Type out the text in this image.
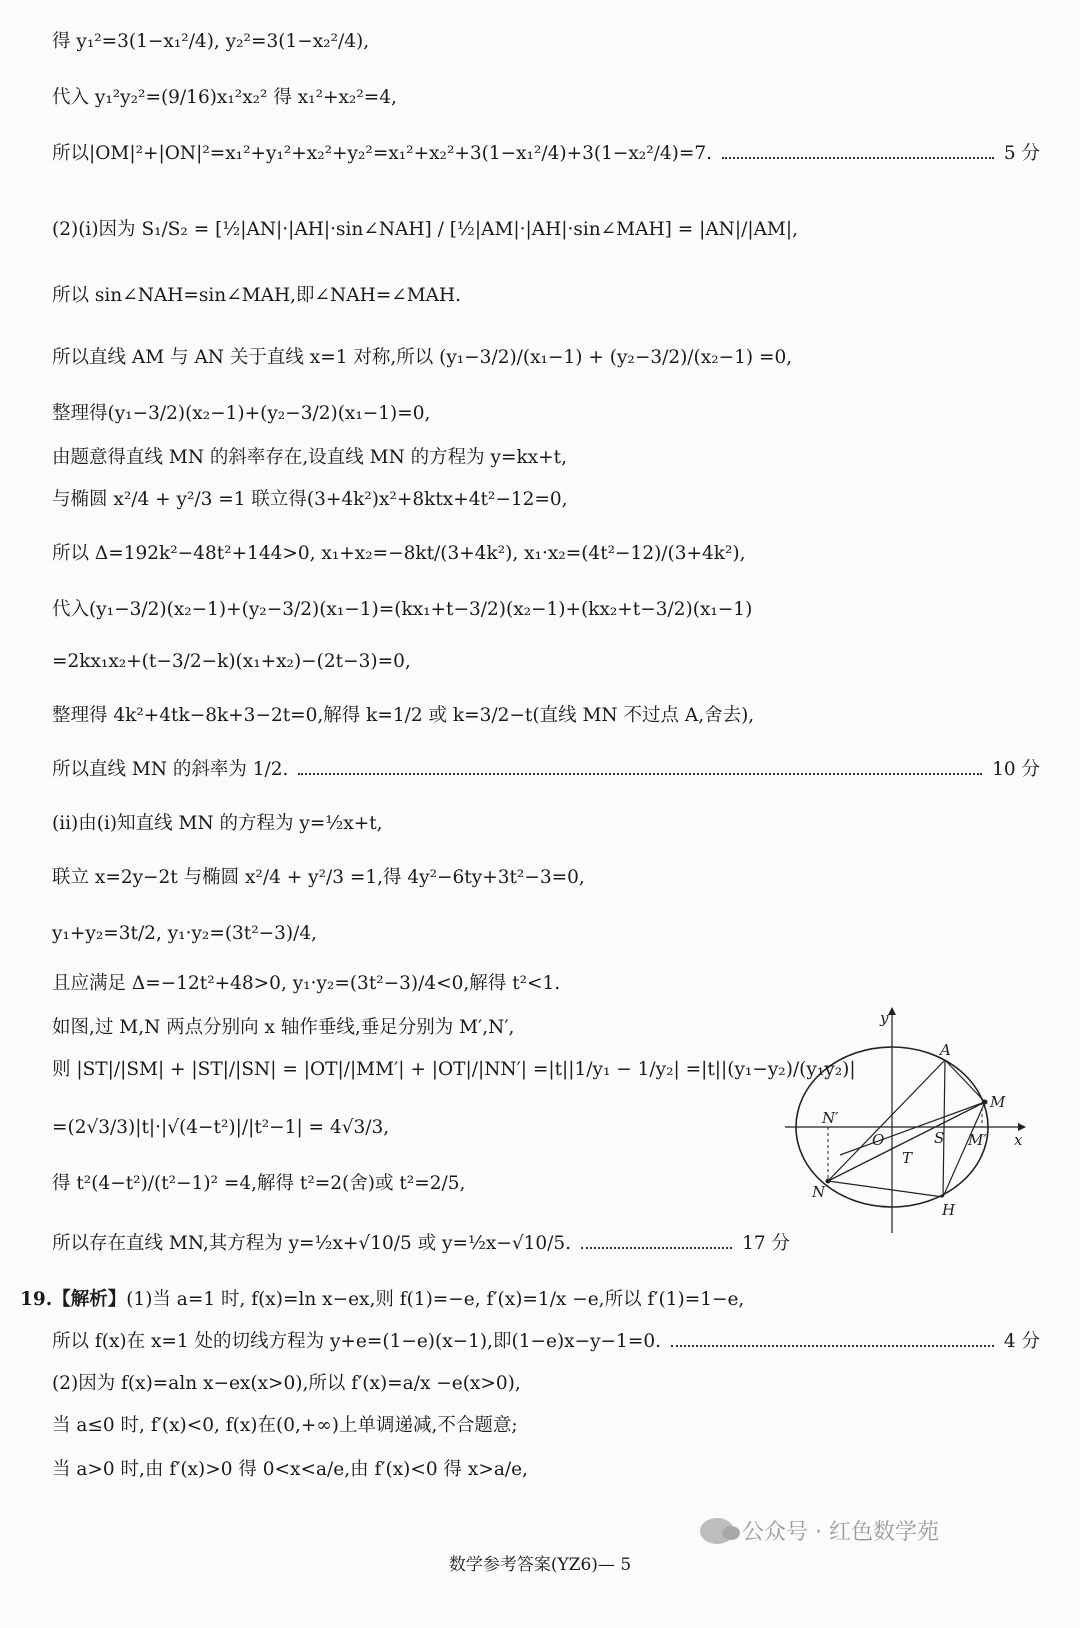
得 y₁²=3(1−x₁²/4), y₂²=3(1−x₂²/4),
代入 y₁²y₂²=(9/16)x₁²x₂² 得 x₁²+x₂²=4,
所以|OM|²+|ON|²=x₁²+y₁²+x₂²+y₂²=x₁²+x₂²+3(1−x₁²/4)+3(1−x₂²/4)=7.	5 分
(2)(ⅰ)因为 S₁/S₂ = [½|AN|·|AH|·sin∠NAH] / [½|AM|·|AH|·sin∠MAH] = |AN|/|AM|,
所以 sin∠NAH=sin∠MAH,即∠NAH=∠MAH.
所以直线 AM 与 AN 关于直线 x=1 对称,所以 (y₁−3/2)/(x₁−1) + (y₂−3/2)/(x₂−1) =0,
整理得(y₁−3/2)(x₂−1)+(y₂−3/2)(x₁−1)=0,
由题意得直线 MN 的斜率存在,设直线 MN 的方程为 y=kx+t,
与椭圆 x²/4 + y²/3 =1 联立得(3+4k²)x²+8ktx+4t²−12=0,
所以 Δ=192k²−48t²+144>0, x₁+x₂=−8kt/(3+4k²), x₁·x₂=(4t²−12)/(3+4k²),
代入(y₁−3/2)(x₂−1)+(y₂−3/2)(x₁−1)=(kx₁+t−3/2)(x₂−1)+(kx₂+t−3/2)(x₁−1)
=2kx₁x₂+(t−3/2−k)(x₁+x₂)−(2t−3)=0,
整理得 4k²+4tk−8k+3−2t=0,解得 k=1/2 或 k=3/2−t(直线 MN 不过点 A,舍去),
所以直线 MN 的斜率为 1/2.	10 分
(ⅱ)由(ⅰ)知直线 MN 的方程为 y=½x+t,
联立 x=2y−2t 与椭圆 x²/4 + y²/3 =1,得 4y²−6ty+3t²−3=0,
y₁+y₂=3t/2, y₁·y₂=(3t²−3)/4,
且应满足 Δ=−12t²+48>0, y₁·y₂=(3t²−3)/4<0,解得 t²<1.
如图,过 M,N 两点分别向 x 轴作垂线,垂足分别为 M′,N′,
则 |ST|/|SM| + |ST|/|SN| = |OT|/|MM′| + |OT|/|NN′| =|t||1/y₁ − 1/y₂| =|t||(y₁−y₂)/(y₁y₂)|
=(2√3/3)|t|·|√(4−t²)|/|t²−1| = 4√3/3,
得 t²(4−t²)/(t²−1)² =4,解得 t²=2(舍)或 t²=2/5,
所以存在直线 MN,其方程为 y=½x+√10/5 或 y=½x−√10/5.	17 分
19.【解析】(1)当 a=1 时, f(x)=ln x−ex,则 f(1)=−e, f′(x)=1/x −e,所以 f′(1)=1−e,
所以 f(x)在 x=1 处的切线方程为 y+e=(1−e)(x−1),即(1−e)x−y−1=0.	4 分
(2)因为 f(x)=aln x−ex(x>0),所以 f′(x)=a/x −e(x>0),
当 a≤0 时, f′(x)<0, f(x)在(0,+∞)上单调递减,不合题意;
当 a>0 时,由 f′(x)>0 得 0<x<a/e,由 f′(x)<0 得 x>a/e,
y
x
A
M
N′
O	S M′
T
N
H
公众号 · 红色数学苑
数学参考答案(YZ6)— 5
